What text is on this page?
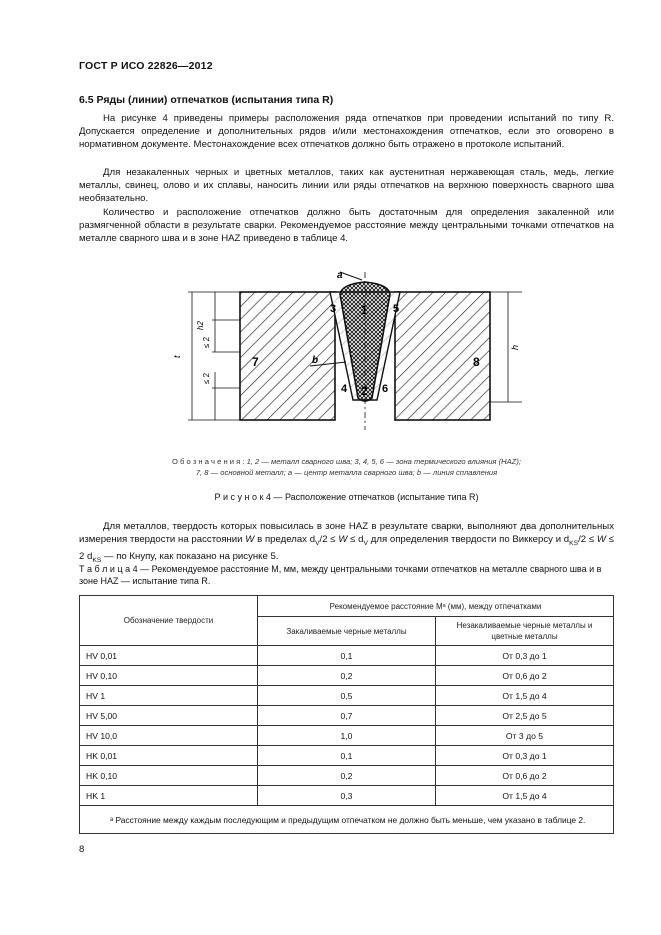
ГОСТ Р ИСО 22826—2012
6.5 Ряды (линии) отпечатков (испытания типа R)

На рисунке 4 приведены примеры расположения ряда отпечатков при проведении испытаний по типу R. Допускается определение и дополнительных рядов и/или местонахождения отпечатков, если это оговорено в нормативном документе. Местонахождение всех отпечатков должно быть отражено в протоколе испытаний.

Для незакаленных черных и цветных металлов, таких как аустенитная нержавеющая сталь, медь, легкие металлы, свинец, олово и их сплавы, наносить линии или ряды отпечатков на верхнюю поверхность сварного шва необязательно.

Количество и расположение отпечатков должно быть достаточным для определения закаленной или размягченной области в результате сварки. Рекомендуемое расстояние между центральными точками отпечатков на металле сварного шва и в зоне HAZ приведено в таблице 4.

a
1
2
3
4
5
6
7	8
b
t
h
h2
≤ 2
≤ 2
О б о з н а ч е н и я : 1, 2 — металл сварного шва; 3, 4, 5, 6 — зона термического влияния (HAZ);
7, 8 — основной металл; a — центр металла сварного шва; b — линия сплавления
Р и с у н о к 4 — Расположение отпечатков (испытание типа R)

Для металлов, твердость которых повысилась в зоне HAZ в результате сварки, выполняют два дополнительных измерения твердости на расстоянии W в пределах $d_V/2 \le W \le d_V$ для определения твердости по Виккерсу и $d_{KS}/2 \le W \le 2$ $d_{KS}$ — по Кнупу, как показано на рисунке 5.

Т а б л и ц а 4 — Рекомендуемое расстояние M, мм, между центральными точками отпечатков на металле сварного шва и в зоне HAZ — испытание типа R.
Обозначение твердости	Рекомендуемое расстояние Mᵃ (мм), между отпечатками	
	Закаливаемые черные металлы	Незакаливаемые черные металлы и цветные металлы
HV 0,01	0,1	От 0,3 до 1
HV 0,10	0,2	От 0,6 до 2
HV 1	0,5	От 1,5 до 4
HV 5,00	0,7	От 2,5 до 5
HV 10,0	1,0	От 3 до 5
HK 0,01	0,1	От 0,3 до 1
HK 0,10	0,2	От 0,6 до 2
HK 1	0,3	От 1,5 до 4
ᵃ Расстояние между каждым последующим и предыдущим отпечатком не должно быть меньше, чем указано в таблице 2.		
8
